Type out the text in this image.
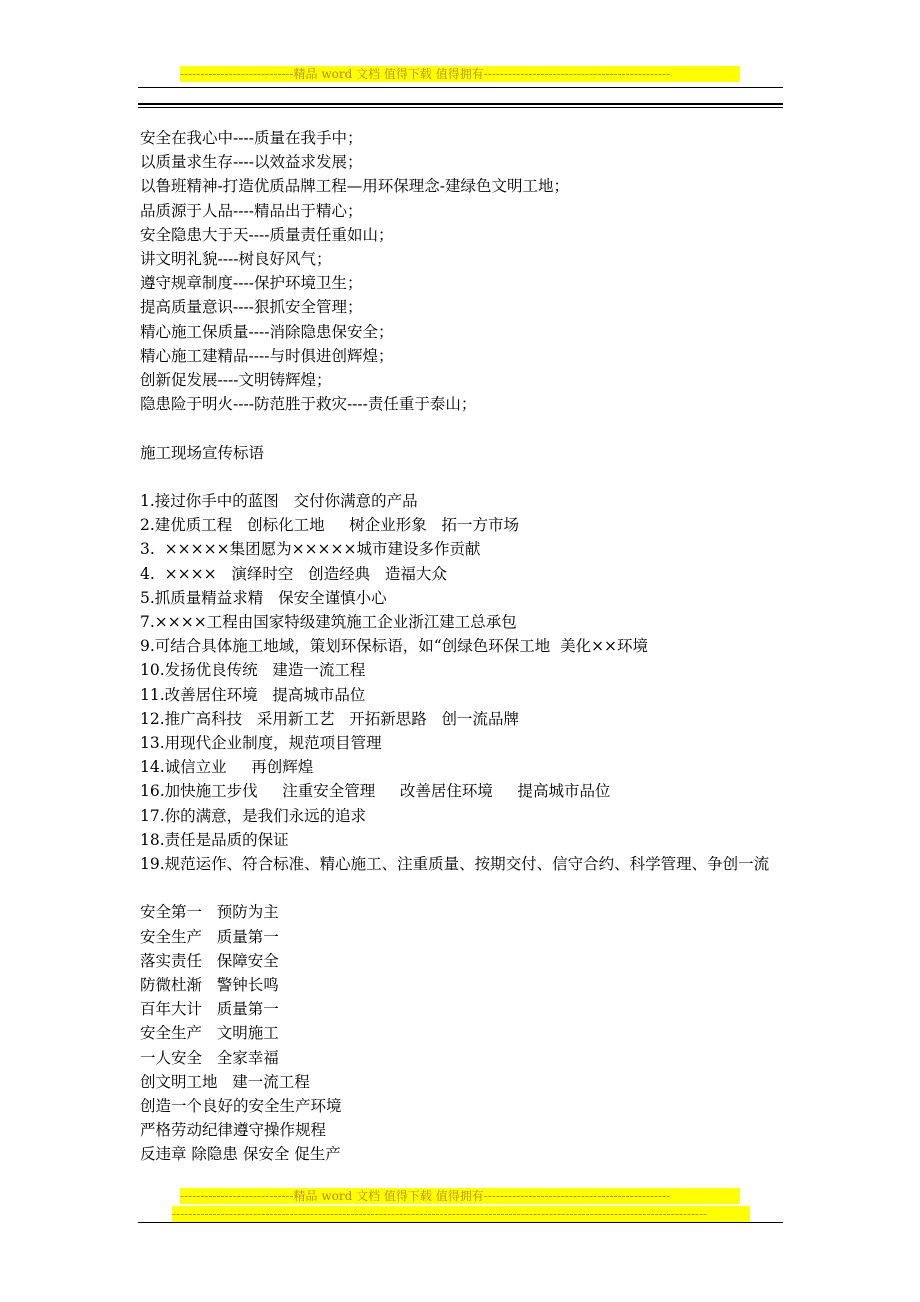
----------------------------精品 word 文档 值得下载 值得拥有----------------------------------------------
安全在我心中----质量在我手中；
以质量求生存----以效益求发展；
以鲁班精神-打造优质品牌工程—用环保理念-建绿色文明工地；
品质源于人品----精品出于精心；
安全隐患大于天----质量责任重如山；
讲文明礼貌----树良好风气；
遵守规章制度----保护环境卫生；
提高质量意识----狠抓安全管理；
精心施工保质量----消除隐患保安全；
精心施工建精品----与时俱进创辉煌；
创新促发展----文明铸辉煌；
隐患险于明火----防范胜于救灾----责任重于泰山；
施工现场宣传标语
1.接过你手中的蓝图   交付你满意的产品
2.建优质工程   创标化工地     树企业形象   拓一方市场
3.  ×××××集团愿为×××××城市建设多作贡献
4.  ××××   演绎时空   创造经典   造福大众
5.抓质量精益求精   保安全谨慎小心
7.××××工程由国家特级建筑施工企业浙江建工总承包
9.可结合具体施工地域，策划环保标语，如“创绿色环保工地  美化××环境
10.发扬优良传统   建造一流工程
11.改善居住环境   提高城市品位
12.推广高科技   采用新工艺   开拓新思路   创一流品牌
13.用现代企业制度，规范项目管理
14.诚信立业     再创辉煌
16.加快施工步伐     注重安全管理     改善居住环境     提高城市品位
17.你的满意，是我们永远的追求
18.责任是品质的保证
19.规范运作、符合标准、精心施工、注重质量、按期交付、信守合约、科学管理、争创一流
安全第一   预防为主
安全生产   质量第一
落实责任   保障安全
防微杜渐   警钟长鸣
百年大计   质量第一
安全生产   文明施工
一人安全   全家幸福
创文明工地   建一流工程
创造一个良好的安全生产环境
严格劳动纪律遵守操作规程
反违章 除隐患 保安全 促生产
----------------------------精品 word 文档 值得下载 值得拥有----------------------------------------------
------------------------------------------------------------------------------------------------------------------------------------
